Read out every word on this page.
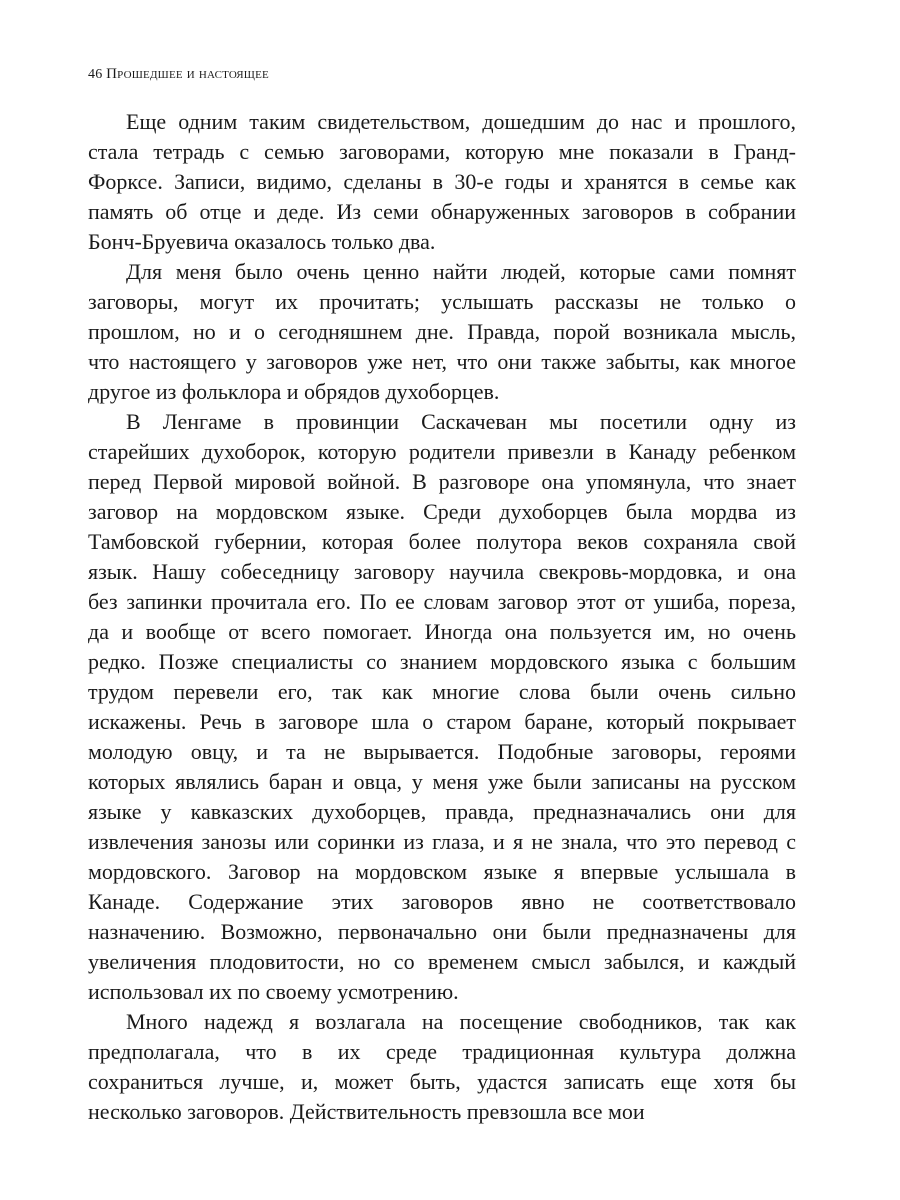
46 Прошедшее и настоящее
Еще одним таким свидетельством, дошедшим до нас и прошлого,
стала тетрадь с семью заговорами, которую мне показали в Гранд-
Форксе. Записи, видимо, сделаны в 30-е годы и хранятся в семье как
память об отце и деде. Из семи обнаруженных заговоров в собрании
Бонч-Бруевича оказалось только два.
Для меня было очень ценно найти людей, которые сами помнят
заговоры, могут их прочитать; услышать рассказы не только о
прошлом, но и о сегодняшнем дне. Правда, порой возникала мысль,
что настоящего у заговоров уже нет, что они также забыты, как многое
другое из фольклора и обрядов духоборцев.
В Ленгаме в провинции Саскачеван мы посетили одну из
старейших духоборок, которую родители привезли в Канаду ребенком
перед Первой мировой войной. В разговоре она упомянула, что знает
заговор на мордовском языке. Среди духоборцев была мордва из
Тамбовской губернии, которая более полутора веков сохраняла свой
язык. Нашу собеседницу заговору научила свекровь-мордовка, и она
без запинки прочитала его. По ее словам заговор этот от ушиба, пореза,
да и вообще от всего помогает. Иногда она пользуется им, но очень
редко. Позже специалисты со знанием мордовского языка с большим
трудом перевели его, так как многие слова были очень сильно
искажены. Речь в заговоре шла о старом баране, который покрывает
молодую овцу, и та не вырывается. Подобные заговоры, героями
которых являлись баран и овца, у меня уже были записаны на русском
языке у кавказских духоборцев, правда, предназначались они для
извлечения занозы или соринки из глаза, и я не знала, что это перевод с
мордовского. Заговор на мордовском языке я впервые услышала в
Канаде. Содержание этих заговоров явно не соответствовало
назначению. Возможно, первоначально они были предназначены для
увеличения плодовитости, но со временем смысл забылся, и каждый
использовал их по своему усмотрению.
Много надежд я возлагала на посещение свободников, так как
предполагала, что в их среде традиционная культура должна
сохраниться лучше, и, может быть, удастся записать еще хотя бы
несколько заговоров. Действительность превзошла все мои
